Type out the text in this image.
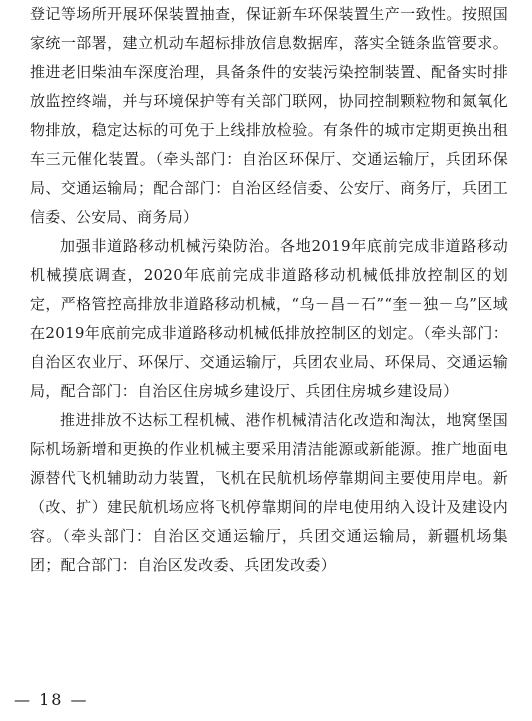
登记等场所开展环保装置抽查，保证新车环保装置生产一致性。按照国家统一部署，建立机动车超标排放信息数据库，落实全链条监管要求。推进老旧柴油车深度治理，具备条件的安装污染控制装置、配备实时排放监控终端，并与环境保护等有关部门联网，协同控制颗粒物和氮氧化物排放，稳定达标的可免于上线排放检验。有条件的城市定期更换出租车三元催化装置。（牵头部门：自治区环保厅、交通运输厅，兵团环保局、交通运输局；配合部门：自治区经信委、公安厅、商务厅，兵团工信委、公安局、商务局）

加强非道路移动机械污染防治。各地2019年底前完成非道路移动机械摸底调查，2020年底前完成非道路移动机械低排放控制区的划定，严格管控高排放非道路移动机械，“乌－昌－石”“奎－独－乌”区域在2019年底前完成非道路移动机械低排放控制区的划定。（牵头部门：自治区农业厅、环保厅、交通运输厅，兵团农业局、环保局、交通运输局，配合部门：自治区住房城乡建设厅、兵团住房城乡建设局）

推进排放不达标工程机械、港作机械清洁化改造和淘汰，地窝堡国际机场新增和更换的作业机械主要采用清洁能源或新能源。推广地面电源替代飞机辅助动力装置，飞机在民航机场停靠期间主要使用岸电。新（改、扩）建民航机场应将飞机停靠期间的岸电使用纳入设计及建设内容。（牵头部门：自治区交通运输厅，兵团交通运输局，新疆机场集团；配合部门：自治区发改委、兵团发改委）

— 18 —
